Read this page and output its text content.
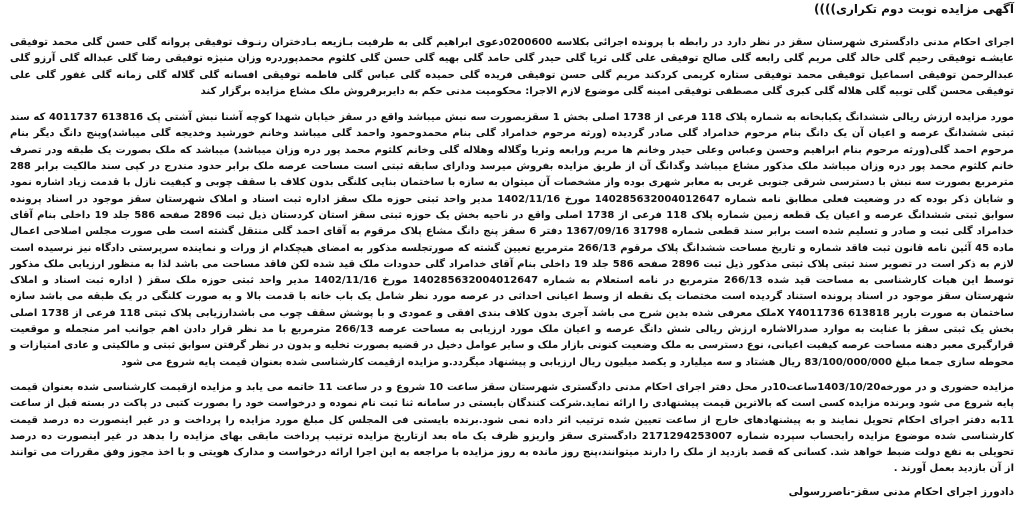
آگهی مزایده نوبت دوم تکراری))))

اجرای احکام مدنی دادگستری شهرستان سقز در نظر دارد در رابطه با پرونده اجرائی بکلاسه 0200600دعوی ابراهیم گلی به طرفیت بـازیعه بـادختران رنـوف توفیقی پروانه گلی حسن گلی محمد توفیقی عایشـه توفیقی رحیم گلی خالد گلی مریم گلی رابعه گلی صالح توفیقی علی گلی ثریا گلی حیدر گلی حامد گلی بهیه گلی حسن گلی کلثوم محمدپوردره وزان منیژه توفیقی رضا گلی عبداله گلی آرزو گلی عبدالرحمن توفیقی اسماعیل توفیقی محمد توفیقی ستاره کریمی کردکند مریم گلی حسن توفیقی فریده گلی حمیده گلی عباس گلی فاطمه توفیقی افسانه گلی گلاله گلی زمانه گلی غفور گلی علی توفیقی محسن گلی توبیه گلی هلاله گلی کبری گلی مصطفی توفیقی امینه گلی موضوع لازم الاجرا: محکومیت مدنی حکم به دایربرفروش ملک مشاع مزایده برگزار کند

مورد مزایده ارزش ریالی ششدانگ یکبابخانه به شماره پلاک 118 فرعی از 1738 اصلی بخش 1 سقزبصورت سه نبش میباشد واقع در سقز خیابان شهدا کوچه آشنا نبش آشتی پک 613816 4011737 که سند ثبتی ششدانگ عرصه و اعیان آن یک دانگ بنام مرحوم خدامراد گلی صادر گردیده (ورثه مرحوم خدامراد گلی بنام محمدوحمود واحمد گلی میباشد وخانم خورشید وخدیجه گلی میباشد)وپنج دانگ دیگر بنام مرحوم احمد گلی(ورثه مرحوم بنام ابراهیم وحسن وعباس وعلی حیدر وخانم ها مریم ورابعه وثریا وگلاله وهلاله گلی وخانم کلثوم محمد پور دره وزان میباشد) میباشد که ملک بصورت یک طبقه ودر تصرف خانم کلثوم محمد پور دره وزان میباشد ملک مذکور مشاع میباشد وگدانگ آن از طریق مزایده بفروش میرسد ودارای سابقه ثبتی است مساحت عرصه ملک برابر حدود مندرج در کپی سند مالکیت برابر 288 مترمربع بصورت سه نبش با دسترسی شرقی جنوبی غربی به معابر شهری بوده واز مشخصات آن میتوان به سازه با ساختمان بنایی کلنگی بدون کلاف با سقف چوبی و کیفیت نازل با قدمت زیاد اشاره نمود و شایان ذکر بوده که در وضعیت فعلی مطابق نامه شماره 140285632004012647 مورخ 1402/11/16 مدیر واحد ثبتی حوزه ملک سقز اداره ثبت اسناد و املاک شهرستان سقز موجود در اسناد پرونده سوابق ثبتی ششدانگ عرصه و اعیان یک قطعه زمین شماره پلاک 118 فرعی از 1738 اصلی واقع در ناحیه بخش یک حوزه ثبتی سقز استان کردستان ذیل ثبت 2896 صفحه 586 جلد 19 داخلی بنام آقای خدامراد گلی ثبت و صادر و تسلیم شده است برابر سند قطعی شماره 31798 1367/09/16 دفتر 6 سقز پنج دانگ مشاع پلاک مرقوم به آقای احمد گلی منتقل گشته است طی صورت مجلس اصلاحی اعمال ماده 45 آئین نامه قانون ثبت فاقد شماره و تاریخ مساحت ششدانگ پلاک مرقوم 266/13 مترمربع تعیین گشته که صورتجلسه مذکور به امضای هیچکدام از ورات و نماینده سرپرستی دادگاه نیز نرسیده است لازم به ذکر است در تصویر سند ثبتی پلاک ثبتی مذکور ذیل ثبت 2896 صفحه 586 جلد 19 داخلی بنام آقای خدامراد گلی حدودات ملک قید شده لکن فاقد مساحت می باشد لذا به منظور ارزیابی ملک مذکور توسط این هیات کارشناسی به مساحت قید شده 266/13 مترمربع در نامه استعلام به شماره 140285632004012647 مورخ 1402/11/16 مدیر واحد ثبتی حوزه ملک سقز ( اداره ثبت اسناد و املاک شهرستان سقز موجود در اسناد پرونده استناد گردیده است مختصات یک نقطه از وسط اعیانی احداثی در عرصه مورد نظر شامل یک باب خانه با قدمت بالا و به صورت کلنگی در یک طبقه می باشد سازه ساختمان به صورت بارپر 613818 X Y4011736ملک معرفی شده بدین شرح می باشد آجری بدون کلاف بندی افقی و عمودی و با پوشش سقف چوب می باشدارزیابی پلاک ثبتی 118 فرعی از 1738 اصلی بخش یک ثبتی سقز با عنایت به موارد صدرالاشاره ارزش ریالی شش دانگ عرصه و اعیان ملک مورد ارزیابی به مساحت عرصه 266/13 مترمربع با مد نظر قرار دادن اهم جوانب امر منجمله و موقعیت قرارگیری معبر دهنه مساحت عرصه کیفیت اعیانی، نوع دسترسی به ملک وضعیت کنونی بازار ملک و سایر عوامل دخیل در قضیه بصورت تخلیه و بدون در نظر گرفتن سوابق ثبتی و مالکیتی و عادی امتیازات و محوطه سازی جمعا مبلغ 83/100/000/000 ریال هشتاد و سه میلیارد و یکصد میلیون ریال ارزیابی و پیشنهاد میگردد.و مزایده ازقیمت کارشناسی شده بعنوان قیمت پایه شروع می شود

مزایده حضوری و در مورخه1403/10/20ساعت10در محل دفتر اجرای احکام مدنی دادگستری شهرستان سقز ساعت 10 شروع و در ساعت 11 خاتمه می یابد و مزایده ازقیمت کارشناسی شده بعنوان قیمت پایه شروع می شود وبرنده مزایده کسی است که بالاترین قیمت پیشنهادی را ارائه نماید.شرکت کنندگان بایستی در سامانه ثنا ثبت نام نموده و درخواست خود را بصورت کتبی در پاکت در بسته قبل از ساعت 11به دفتر اجرای احکام تحویل نمایند و به پیشنهادهای خارج از ساعت تعیین شده ترتیب اثر داده نمی شود.برنده بایستی فی المجلس کل مبلغ مورد مزایده را پرداخت و در غیر اینصورت ده درصد قیمت کارشناسی شده موضوع مزایده رابحساب سپرده شماره 2171294253007 دادگستری سقز واریزو ظرف یک ماه بعد ازتاریخ مزایده ترتیب پرداخت مابقی بهای مزایده را بدهد در غیر اینصورت ده درصد تحویلی به نفع دولت ضبط خواهد شد. کسانی که قصد بازدید از ملک را دارند میتوانند،پنج روز مانده به روز مزایده با مراجعه به این اجرا ارائه درخواست و مدارک هویتی و با اخذ مجوز وفق مقررات می توانند از آن بازدید بعمل آورند .

دادورز اجرای احکام مدنی سقز-ناصررسولی
